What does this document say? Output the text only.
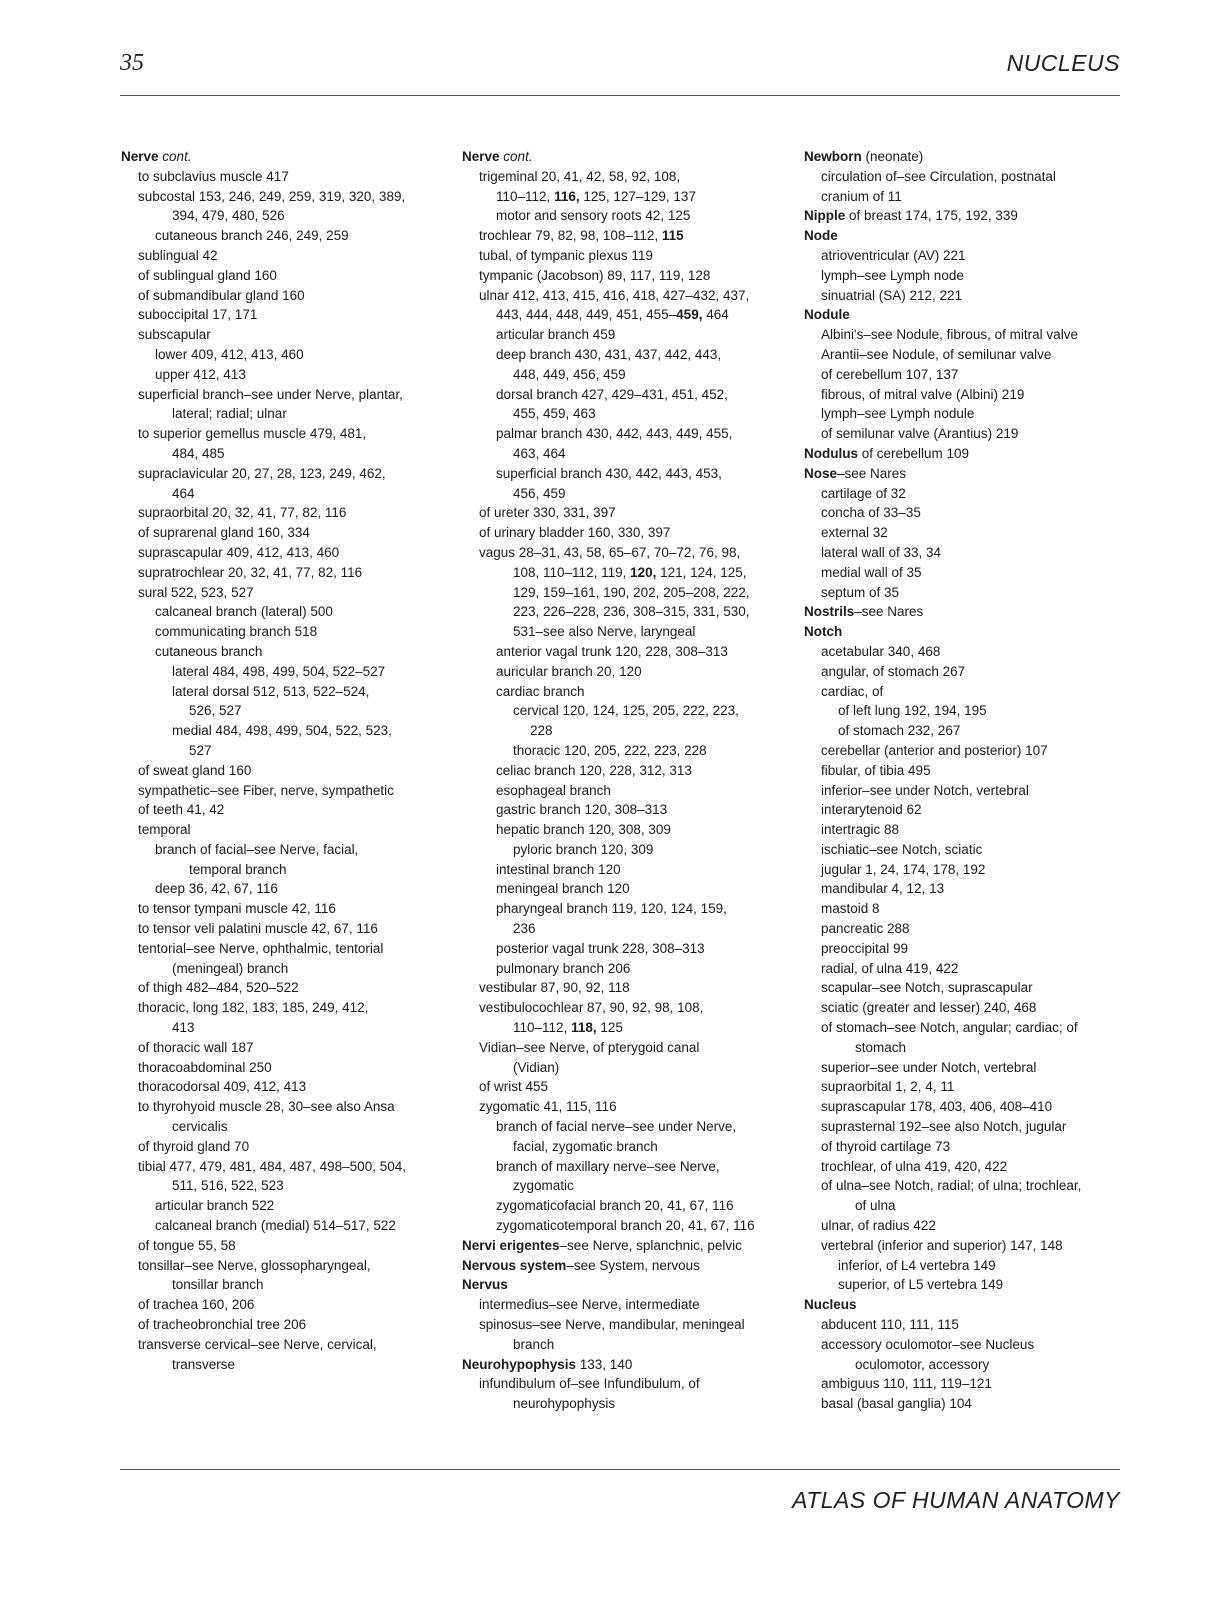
35	NUCLEUS
Nerve cont.
to subclavius muscle 417
subcostal 153, 246, 249, 259, 319, 320, 389,
394, 479, 480, 526
cutaneous branch 246, 249, 259
sublingual 42
of sublingual gland 160
of submandibular gland 160
suboccipital 17, 171
subscapular
lower 409, 412, 413, 460
upper 412, 413
superficial branch–see under Nerve, plantar,
lateral; radial; ulnar
to superior gemellus muscle 479, 481,
484, 485
supraclavicular 20, 27, 28, 123, 249, 462,
464
supraorbital 20, 32, 41, 77, 82, 116
of suprarenal gland 160, 334
suprascapular 409, 412, 413, 460
supratrochlear 20, 32, 41, 77, 82, 116
sural 522, 523, 527
calcaneal branch (lateral) 500
communicating branch 518
cutaneous branch
lateral 484, 498, 499, 504, 522–527
lateral dorsal 512, 513, 522–524,
526, 527
medial 484, 498, 499, 504, 522, 523,
527
of sweat gland 160
sympathetic–see Fiber, nerve, sympathetic
of teeth 41, 42
temporal
branch of facial–see Nerve, facial,
temporal branch
deep 36, 42, 67, 116
to tensor tympani muscle 42, 116
to tensor veli palatini muscle 42, 67, 116
tentorial–see Nerve, ophthalmic, tentorial
(meningeal) branch
of thigh 482–484, 520–522
thoracic, long 182, 183, 185, 249, 412,
413
of thoracic wall 187
thoracoabdominal 250
thoracodorsal 409, 412, 413
to thyrohyoid muscle 28, 30–see also Ansa
cervicalis
of thyroid gland 70
tibial 477, 479, 481, 484, 487, 498–500, 504,
511, 516, 522, 523
articular branch 522
calcaneal branch (medial) 514–517, 522
of tongue 55, 58
tonsillar–see Nerve, glossopharyngeal,
tonsillar branch
of trachea 160, 206
of tracheobronchial tree 206
transverse cervical–see Nerve, cervical,
transverse
Nerve cont.
trigeminal 20, 41, 42, 58, 92, 108,
110–112, 116, 125, 127–129, 137
motor and sensory roots 42, 125
trochlear 79, 82, 98, 108–112, 115
tubal, of tympanic plexus 119
tympanic (Jacobson) 89, 117, 119, 128
ulnar 412, 413, 415, 416, 418, 427–432, 437,
443, 444, 448, 449, 451, 455–459, 464
articular branch 459
deep branch 430, 431, 437, 442, 443,
448, 449, 456, 459
dorsal branch 427, 429–431, 451, 452,
455, 459, 463
palmar branch 430, 442, 443, 449, 455,
463, 464
superficial branch 430, 442, 443, 453,
456, 459
of ureter 330, 331, 397
of urinary bladder 160, 330, 397
vagus 28–31, 43, 58, 65–67, 70–72, 76, 98,
108, 110–112, 119, 120, 121, 124, 125,
129, 159–161, 190, 202, 205–208, 222,
223, 226–228, 236, 308–315, 331, 530,
531–see also Nerve, laryngeal
anterior vagal trunk 120, 228, 308–313
auricular branch 20, 120
cardiac branch
cervical 120, 124, 125, 205, 222, 223,
228
thoracic 120, 205, 222, 223, 228
celiac branch 120, 228, 312, 313
esophageal branch
gastric branch 120, 308–313
hepatic branch 120, 308, 309
pyloric branch 120, 309
intestinal branch 120
meningeal branch 120
pharyngeal branch 119, 120, 124, 159,
236
posterior vagal trunk 228, 308–313
pulmonary branch 206
vestibular 87, 90, 92, 118
vestibulocochlear 87, 90, 92, 98, 108,
110–112, 118, 125
Vidian–see Nerve, of pterygoid canal
(Vidian)
of wrist 455
zygomatic 41, 115, 116
branch of facial nerve–see under Nerve,
facial, zygomatic branch
branch of maxillary nerve–see Nerve,
zygomatic
zygomaticofacial branch 20, 41, 67, 116
zygomaticotemporal branch 20, 41, 67, 116
Nervi erigentes–see Nerve, splanchnic, pelvic
Nervous system–see System, nervous
Nervus
intermedius–see Nerve, intermediate
spinosus–see Nerve, mandibular, meningeal
branch
Neurohypophysis 133, 140
infundibulum of–see Infundibulum, of
neurohypophysis
Newborn (neonate)
circulation of–see Circulation, postnatal
cranium of 11
Nipple of breast 174, 175, 192, 339
Node
atrioventricular (AV) 221
lymph–see Lymph node
sinuatrial (SA) 212, 221
Nodule
Albini's–see Nodule, fibrous, of mitral valve
Arantii–see Nodule, of semilunar valve
of cerebellum 107, 137
fibrous, of mitral valve (Albini) 219
lymph–see Lymph nodule
of semilunar valve (Arantius) 219
Nodulus of cerebellum 109
Nose–see Nares
cartilage of 32
concha of 33–35
external 32
lateral wall of 33, 34
medial wall of 35
septum of 35
Nostrils–see Nares
Notch
acetabular 340, 468
angular, of stomach 267
cardiac, of
of left lung 192, 194, 195
of stomach 232, 267
cerebellar (anterior and posterior) 107
fibular, of tibia 495
inferior–see under Notch, vertebral
interarytenoid 62
intertragic 88
ischiatic–see Notch, sciatic
jugular 1, 24, 174, 178, 192
mandibular 4, 12, 13
mastoid 8
pancreatic 288
preoccipital 99
radial, of ulna 419, 422
scapular–see Notch, suprascapular
sciatic (greater and lesser) 240, 468
of stomach–see Notch, angular; cardiac; of
stomach
superior–see under Notch, vertebral
supraorbital 1, 2, 4, 11
suprascapular 178, 403, 406, 408–410
suprasternal 192–see also Notch, jugular
of thyroid cartilage 73
trochlear, of ulna 419, 420, 422
of ulna–see Notch, radial; of ulna; trochlear,
of ulna
ulnar, of radius 422
vertebral (inferior and superior) 147, 148
inferior, of L4 vertebra 149
superior, of L5 vertebra 149
Nucleus
abducent 110, 111, 115
accessory oculomotor–see Nucleus
oculomotor, accessory
ambiguus 110, 111, 119–121
basal (basal ganglia) 104
ATLAS OF HUMAN ANATOMY
